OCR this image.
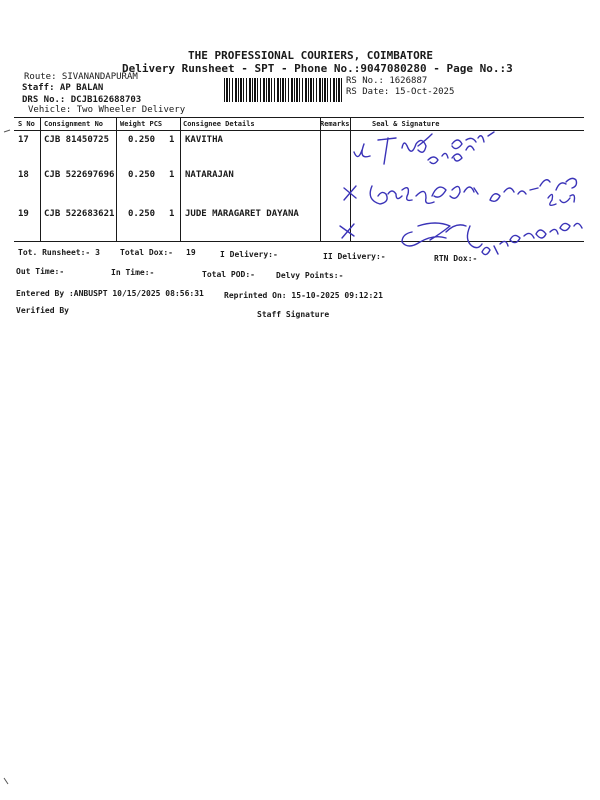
THE PROFESSIONAL COURIERS, COIMBATORE
Delivery Runsheet - SPT - Phone No.:9047080280 - Page No.:3
Route: SIVANANDAPURAM
Staff: AP BALAN
DRS No.: DCJB162688703
Vehicle: Two Wheeler Delivery
RS No.: 1626887
RS Date: 15-Oct-2025
S No Consignment No Weight PCS	Consignee Details	Remarks	Seal & Signature
17 CJB 81450725 0.250 1 KAVITHA
18 CJB 522697696 0.250 1 NATARAJAN
19 CJB 522683621 0.250 1 JUDE MARAGARET DAYANA
Tot. Runsheet:- 3	Total Dox:- 19	I Delivery:-	II Delivery:-	RTN Dox:-
Out Time:-	In Time:-	Total POD:-	Delvy Points:-
Entered By :ANBUSPT 10/15/2025 08:56:31	Reprinted On: 15-10-2025 09:12:21
Verified By	Staff Signature
